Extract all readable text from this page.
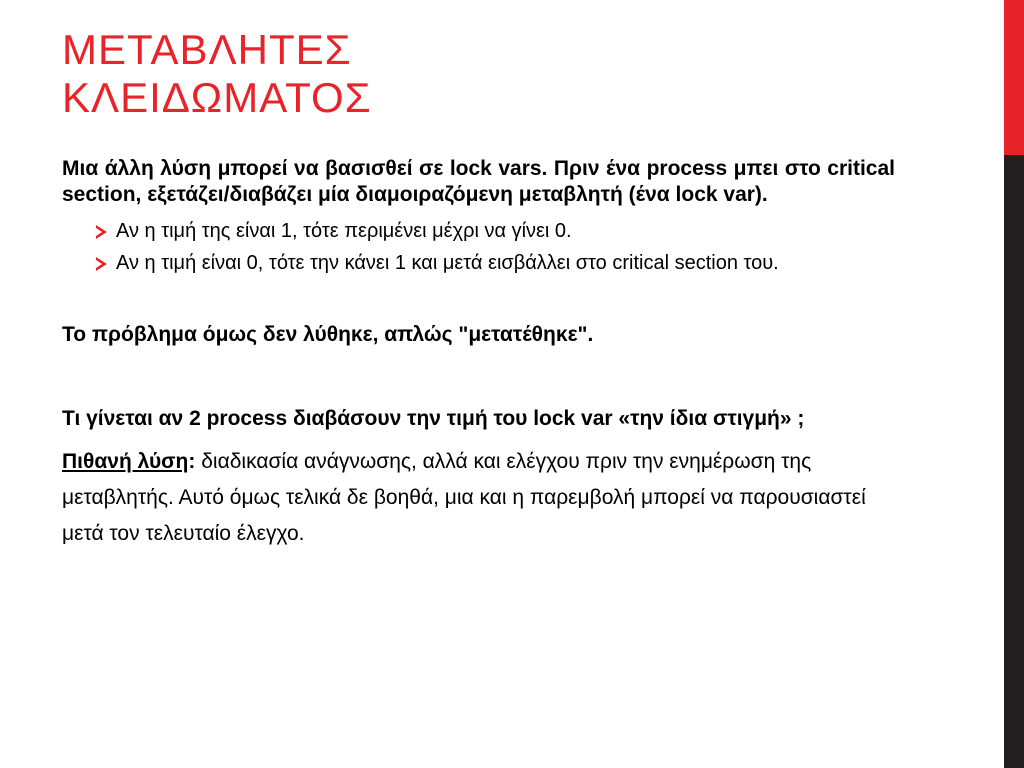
ΜΕΤΑΒΛΗΤΕΣ
ΚΛΕΙΔΩΜΑΤΟΣ

Μια άλλη λύση μπορεί να βασισθεί σε lock vars. Πριν ένα process μπει στο critical section, εξετάζει/διαβάζει μία διαμοιραζόμενη μεταβλητή (ένα lock var).

Αν η τιμή της είναι 1, τότε περιμένει μέχρι να γίνει 0.
Αν η τιμή είναι 0, τότε την κάνει 1 και μετά εισβάλλει στο critical section του.

Το πρόβλημα όμως δεν λύθηκε, απλώς "μετατέθηκε".

Τι γίνεται αν 2 process διαβάσουν την τιμή του lock var «την ίδια στιγμή» ;

Πιθανή λύση: διαδικασία ανάγνωσης, αλλά και ελέγχου πριν την ενημέρωση της μεταβλητής. Αυτό όμως τελικά δε βοηθά, μια και η παρεμβολή μπορεί να παρουσιαστεί μετά τον τελευταίο έλεγχο.
